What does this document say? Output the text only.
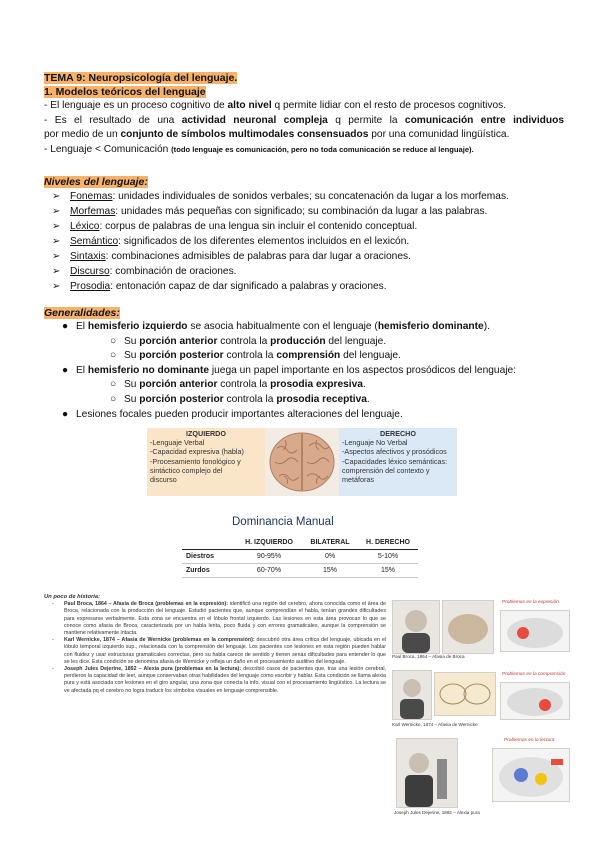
TEMA 9: Neuropsicología del lenguaje.
1. Modelos teóricos del lenguaje
- El lenguaje es un proceso cognitivo de alto nivel q permite lidiar con el resto de procesos cognitivos.
- Es el resultado de una actividad neuronal compleja q permite la comunicación entre individuos
por medio de un conjunto de símbolos multimodales consensuados por una comunidad lingüística.
- Lenguaje < Comunicación (todo lenguaje es comunicación, pero no toda comunicación se reduce al lenguaje).
Niveles del lenguaje:
➢ Fonemas: unidades individuales de sonidos verbales; su concatenación da lugar a los morfemas.
➢ Morfemas: unidades más pequeñas con significado; su combinación da lugar a las palabras.
➢ Léxico: corpus de palabras de una lengua sin incluir el contenido conceptual.
➢ Semántico: significados de los diferentes elementos incluidos en el lexicón.
➢ Sintaxis: combinaciones admisibles de palabras para dar lugar a oraciones.
➢ Discurso: combinación de oraciones.
➢ Prosodia: entonación capaz de dar significado a palabras y oraciones.
Generalidades:
● El hemisferio izquierdo se asocia habitualmente con el lenguaje (hemisferio dominante).
○ Su porción anterior controla la producción del lenguaje.
○ Su porción posterior controla la comprensión del lenguaje.
● El hemisferio no dominante juega un papel importante en los aspectos prosódicos del lenguaje:
○ Su porción anterior controla la prosodia expresiva.
○ Su porción posterior controla la prosodia receptiva.
● Lesiones focales pueden producir importantes alteraciones del lenguaje.
IZQUIERDO
-Lenguaje Verbal
-Capacidad expresiva (habla)
-Procesamiento fonológico y
sintáctico complejo del
discurso
DERECHO
-Lenguaje No Verbal
-Aspectos afectivos y prosódicos
-Capacidades léxico semánticas:
comprensión del contexto y
metáforas
Dominancia Manual
	H. IZQUIERDO	BILATERAL	H. DERECHO
Diestros	90-95%	0%	5-10%
Zurdos	60-70%	15%	15%
Un poco de historia:
- Paul Broca, 1864 – Afasia de Broca (problemas en la expresión): identificó una región del cerebro, ahora conocida como el área de Broca, relacionada con la producción del lenguaje. Estudió pacientes que, aunque comprendían el habla, tenían grandes dificultades para expresarse verbalmente. Esta zona se encuentra en el lóbulo frontal izquierdo. Las lesiones en esta área provocan lo que se conoce como afasia de Broca, caracterizada por un habla lenta, poco fluida y con errores gramaticales, aunque la comprensión se mantiene relativamente intacta.
- Karl Wernicke, 1874 – Afasia de Wernicke (problemas en la comprensión): descubrió otra área crítica del lenguaje, ubicada en el lóbulo temporal izquierdo sup., relacionada con la comprensión del lenguaje. Los pacientes con lesiones en esta región pueden hablar con fluidez y usar estructuras gramaticales correctas, pero su habla carece de sentido y tienen serias dificultades para entender lo que se les dice. Esta condición se denomina afasia de Wernicke y refleja un daño en el procesamiento auditivo del lenguaje.
- Joseph Jules Dejerine, 1892 – Alexia pura (problemas en la lectura): describió casos de pacientes que, tras una lesión cerebral, perdieron la capacidad de leer, aunque conservaban otras habilidades del lenguaje como escribir y hablar. Esta condición se llama alexia pura y está asociada con lesiones en el giro angular, una zona que conecta la info. visual con el procesamiento lingüístico. La lectura se ve afectada pq el cerebro no logra traducir los símbolos visuales en lenguaje comprensible.
Problemas en la expresión
Paul Broca, 1864 – Afasia de Broca
Problemas en la comprensión
Karl Wernicke, 1874 – Afasia de Wernicke
Problemas en la lectura
Joseph Jules Dejerine, 1892 – Alexia pura
